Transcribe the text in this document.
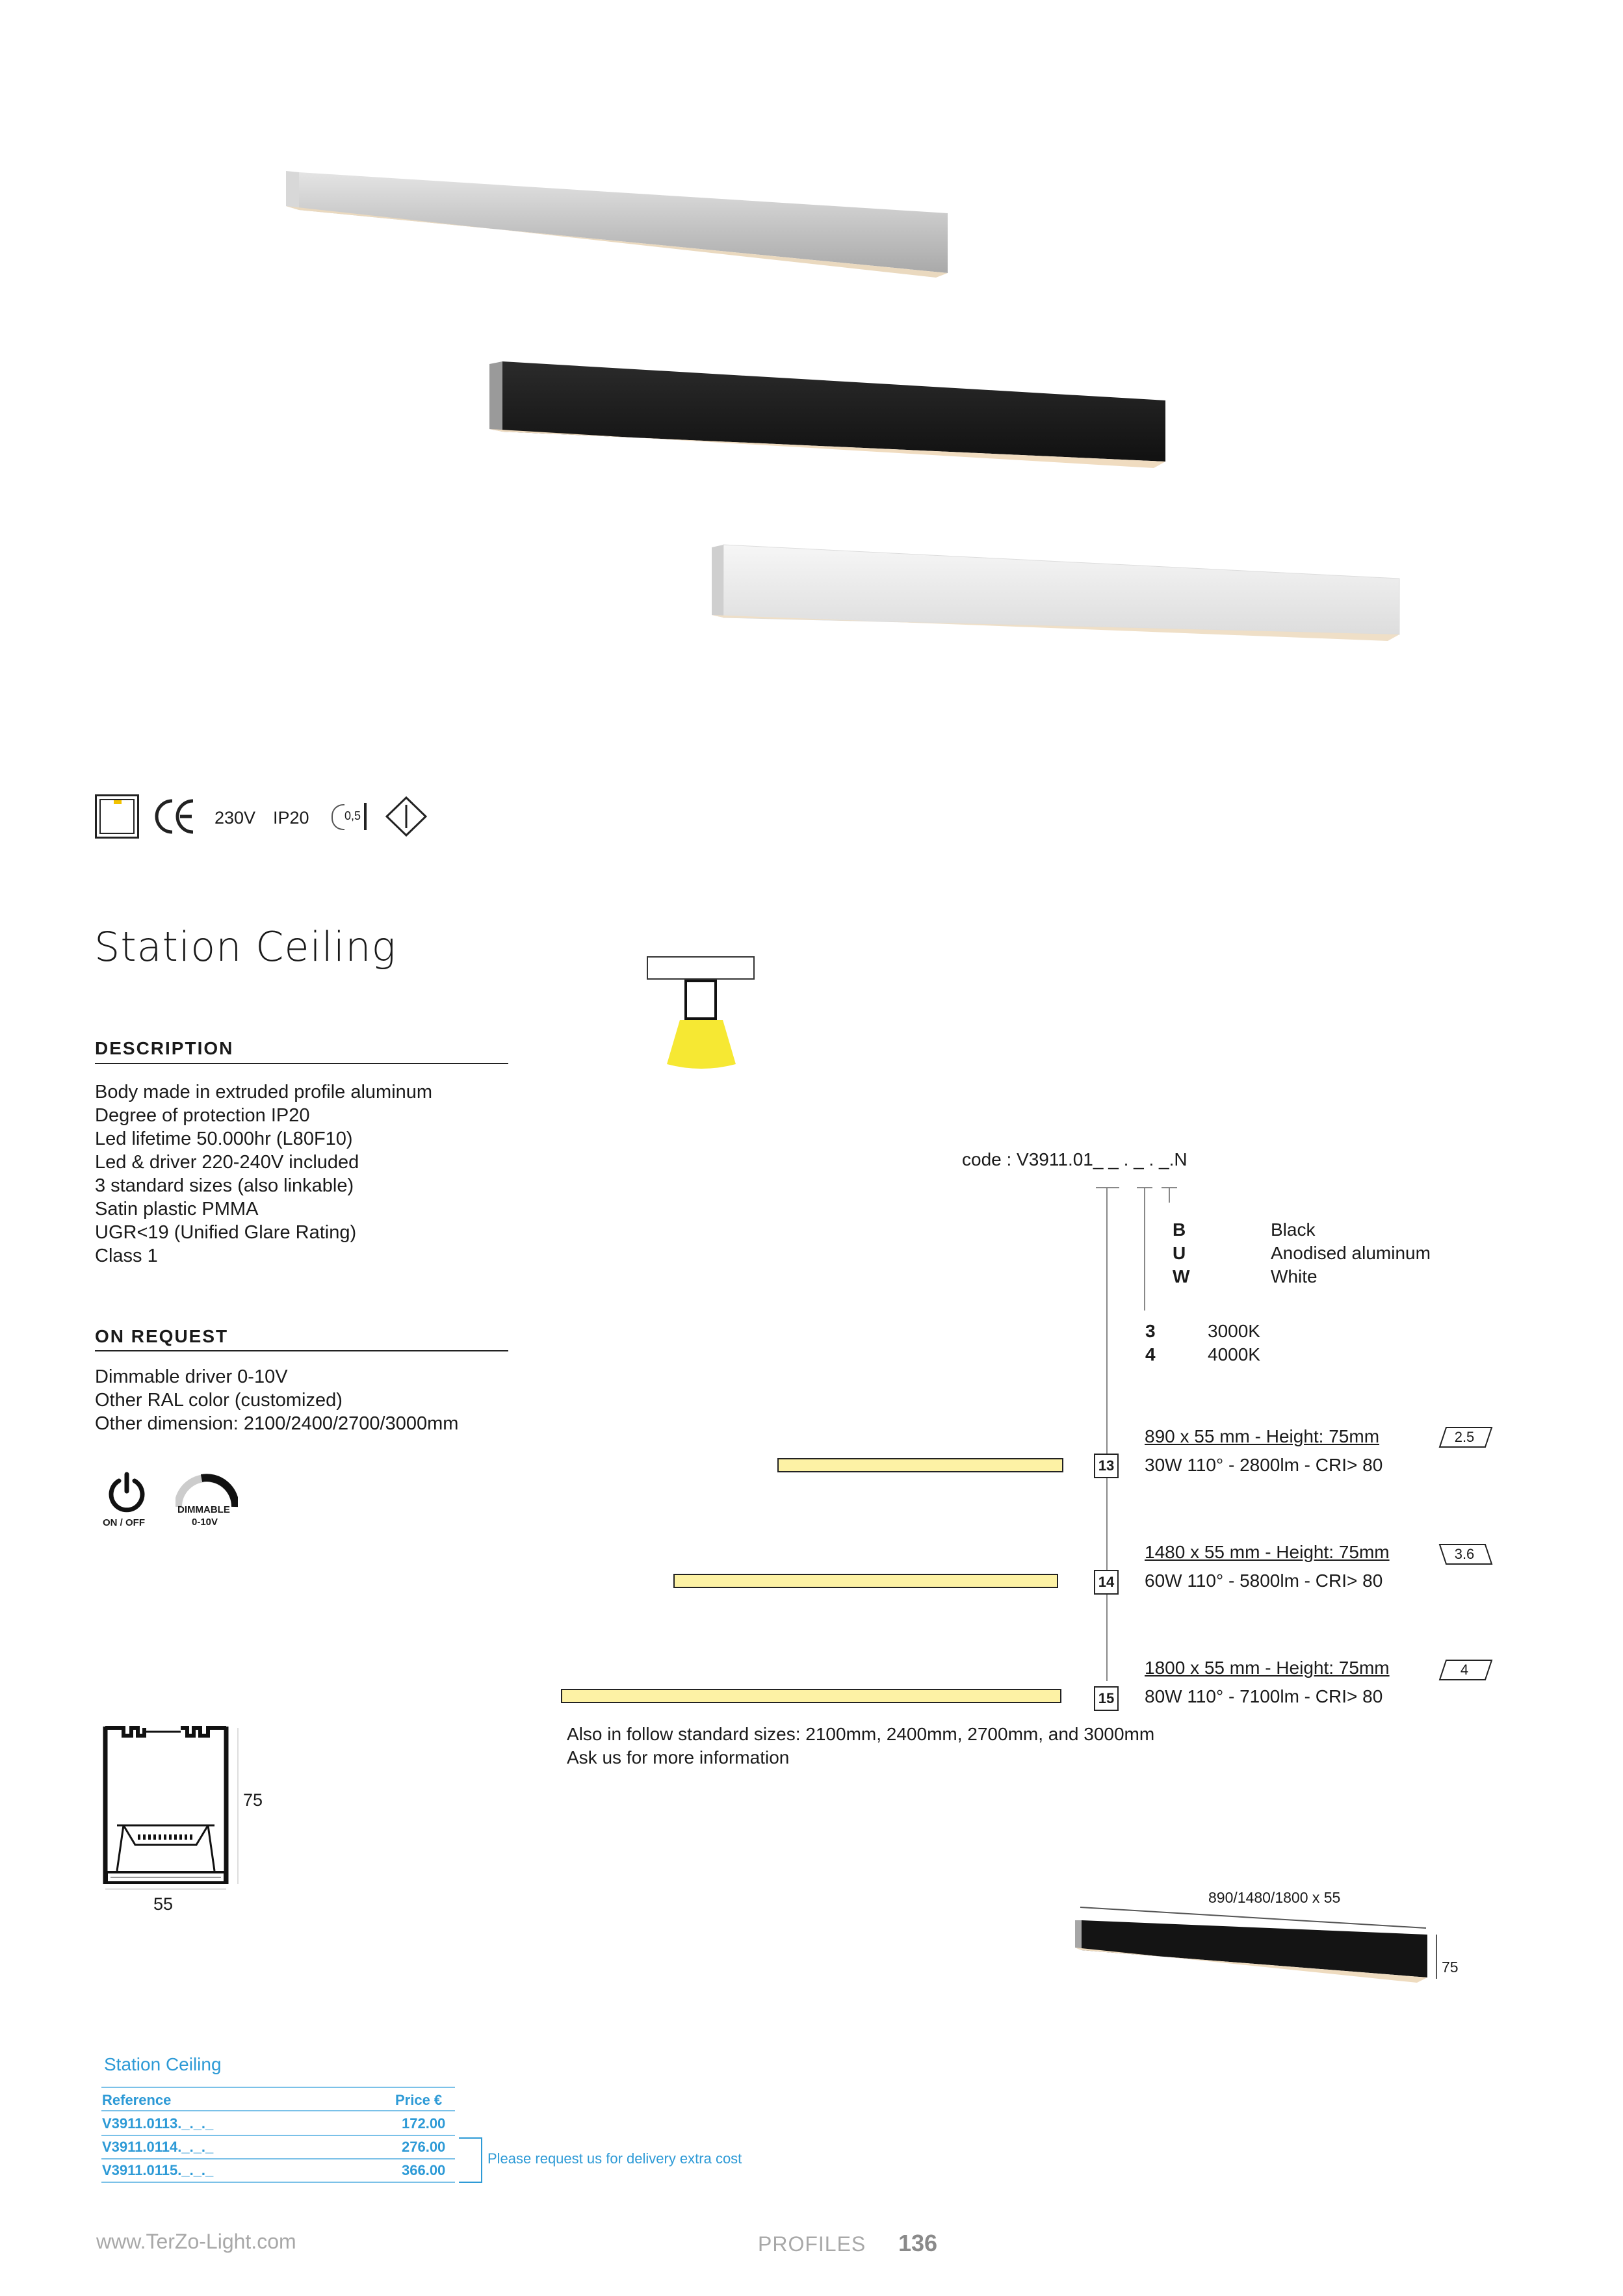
230V IP20	0,5
Station Ceiling
DESCRIPTION
Body made in extruded profile aluminum
Degree of protection IP20
Led lifetime 50.000hr (L80F10)
Led & driver 220-240V included
3 standard sizes (also linkable)
Satin plastic PMMA
UGR<19 (Unified Glare Rating)
Class 1
ON REQUEST
Dimmable driver 0-10V
Other RAL color (customized)
Other dimension: 2100/2400/2700/3000mm
ON / OFF
DIMMABLE
0-10V
75
55
code : V3911.01_ _ . _ . _.N
B	Black
U	Anodised aluminum
W	White
3	3000K
4	4000K
13
890 x 55 mm - Height: 75mm
30W 110° - 2800lm - CRI> 80
2.5
14
1480 x 55 mm - Height: 75mm
60W 110° - 5800lm - CRI> 80
3.6
15
1800 x 55 mm - Height: 75mm
80W 110° - 7100lm - CRI> 80
4
Also in follow standard sizes: 2100mm, 2400mm, 2700mm, and 3000mm
Ask us for more information
890/1480/1800 x 55
75
Station Ceiling
Reference	Price €
V3911.0113._._._	172.00
V3911.0114._._._	276.00
V3911.0115._._._	366.00
Please request us for delivery extra cost
www.TerZo-Light.com	PROFILES 136
